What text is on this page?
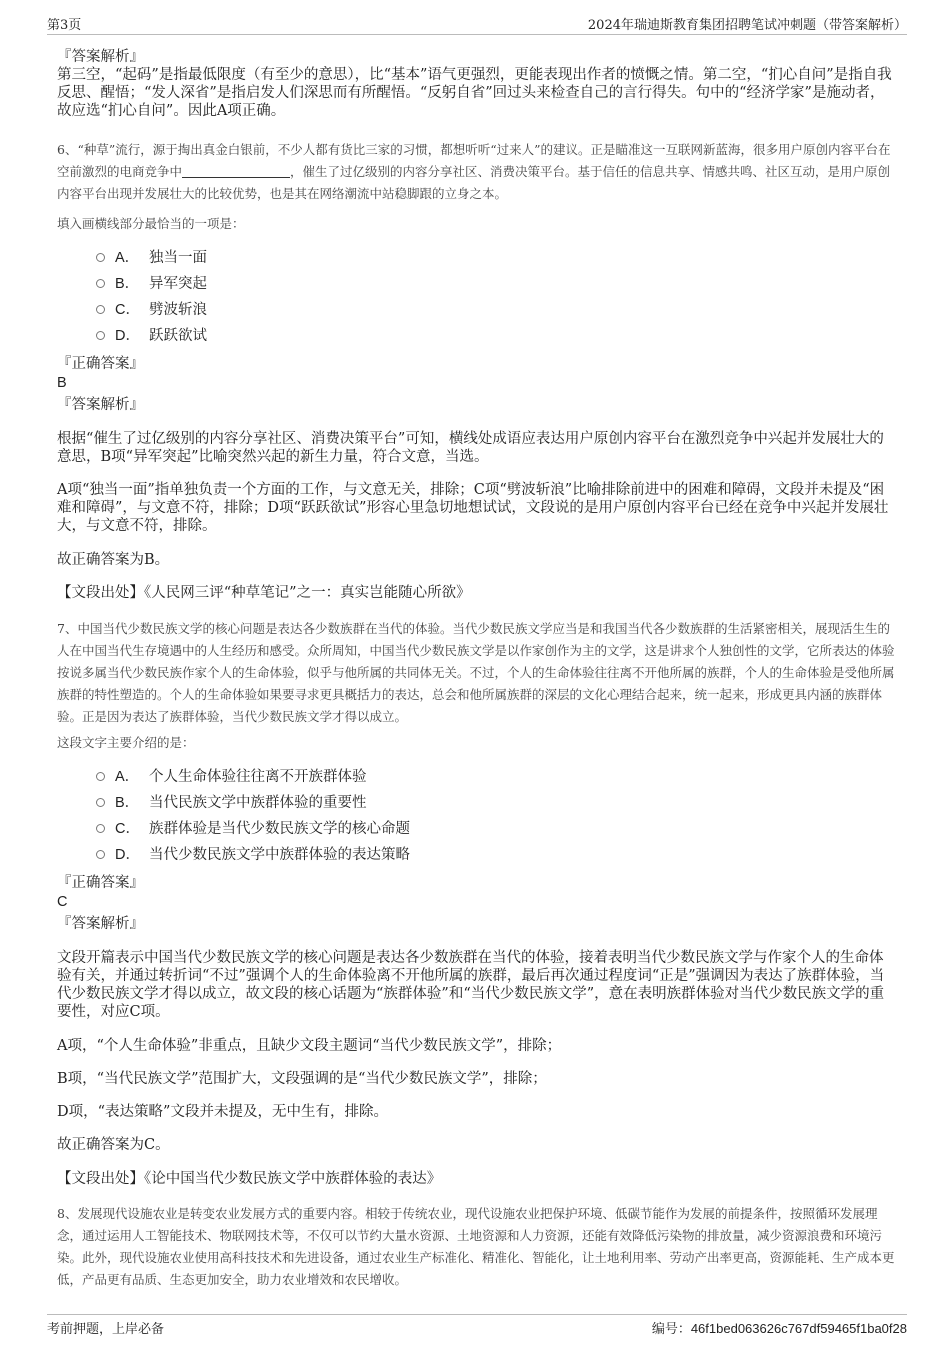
第3页	2024年瑞迪斯教育集团招聘笔试冲刺题（带答案解析）
『答案解析』
第三空，“起码”是指最低限度（有至少的意思），比“基本”语气更强烈，更能表现出作者的愤慨之情。第二空，“扪心自问”是指自我反思、醒悟；“发人深省”是指启发人们深思而有所醒悟。“反躬自省”回过头来检查自己的言行得失。句中的“经济学家”是施动者，故应选“扪心自问”。因此A项正确。
6、“种草”流行，源于掏出真金白银前，不少人都有货比三家的习惯，都想听听“过来人”的建议。正是瞄准这一互联网新蓝海，很多用户原创内容平台在空前激烈的电商竞争中	，催生了过亿级别的内容分享社区、消费决策平台。基于信任的信息共享、情感共鸣、社区互动，是用户原创内容平台出现并发展壮大的比较优势，也是其在网络潮流中站稳脚跟的立身之本。
填入画横线部分最恰当的一项是：
A． 独当一面
B． 异军突起
C． 劈波斩浪
D． 跃跃欲试
『正确答案』
B
『答案解析』
根据“催生了过亿级别的内容分享社区、消费决策平台”可知，横线处成语应表达用户原创内容平台在激烈竞争中兴起并发展壮大的意思，B项“异军突起”比喻突然兴起的新生力量，符合文意，当选。
A项“独当一面”指单独负责一个方面的工作，与文意无关，排除；C项“劈波斩浪”比喻排除前进中的困难和障碍，文段并未提及“困难和障碍”，与文意不符，排除；D项“跃跃欲试”形容心里急切地想试试，文段说的是用户原创内容平台已经在竞争中兴起并发展壮大，与文意不符，排除。
故正确答案为B。
【文段出处】《人民网三评“种草笔记”之一：真实岂能随心所欲》
7、中国当代少数民族文学的核心问题是表达各少数族群在当代的体验。当代少数民族文学应当是和我国当代各少数族群的生活紧密相关，展现活生生的人在中国当代生存境遇中的人生经历和感受。众所周知，中国当代少数民族文学是以作家创作为主的文学，这是讲求个人独创性的文学，它所表达的体验按说多属当代少数民族作家个人的生命体验，似乎与他所属的共同体无关。不过，个人的生命体验往往离不开他所属的族群，个人的生命体验是受他所属族群的特性塑造的。个人的生命体验如果要寻求更具概括力的表达，总会和他所属族群的深层的文化心理结合起来，统一起来，形成更具内涵的族群体验。正是因为表达了族群体验，当代少数民族文学才得以成立。
这段文字主要介绍的是：
A． 个人生命体验往往离不开族群体验
B． 当代民族文学中族群体验的重要性
C． 族群体验是当代少数民族文学的核心命题
D． 当代少数民族文学中族群体验的表达策略
『正确答案』
C
『答案解析』
文段开篇表示中国当代少数民族文学的核心问题是表达各少数族群在当代的体验，接着表明当代少数民族文学与作家个人的生命体验有关，并通过转折词“不过”强调个人的生命体验离不开他所属的族群，最后再次通过程度词“正是”强调因为表达了族群体验，当代少数民族文学才得以成立，故文段的核心话题为“族群体验”和“当代少数民族文学”，意在表明族群体验对当代少数民族文学的重要性，对应C项。
A项，“个人生命体验”非重点，且缺少文段主题词“当代少数民族文学”，排除；
B项，“当代民族文学”范围扩大，文段强调的是“当代少数民族文学”，排除；
D项，“表达策略”文段并未提及，无中生有，排除。
故正确答案为C。
【文段出处】《论中国当代少数民族文学中族群体验的表达》
8、发展现代设施农业是转变农业发展方式的重要内容。相较于传统农业，现代设施农业把保护环境、低碳节能作为发展的前提条件，按照循环发展理念，通过运用人工智能技术、物联网技术等，不仅可以节约大量水资源、土地资源和人力资源，还能有效降低污染物的排放量，减少资源浪费和环境污染。此外，现代设施农业使用高科技技术和先进设备，通过农业生产标准化、精准化、智能化，让土地利用率、劳动产出率更高，资源能耗、生产成本更低，产品更有品质、生态更加安全，助力农业增效和农民增收。
考前押题，上岸必备	编号：46f1bed063626c767df59465f1ba0f28
